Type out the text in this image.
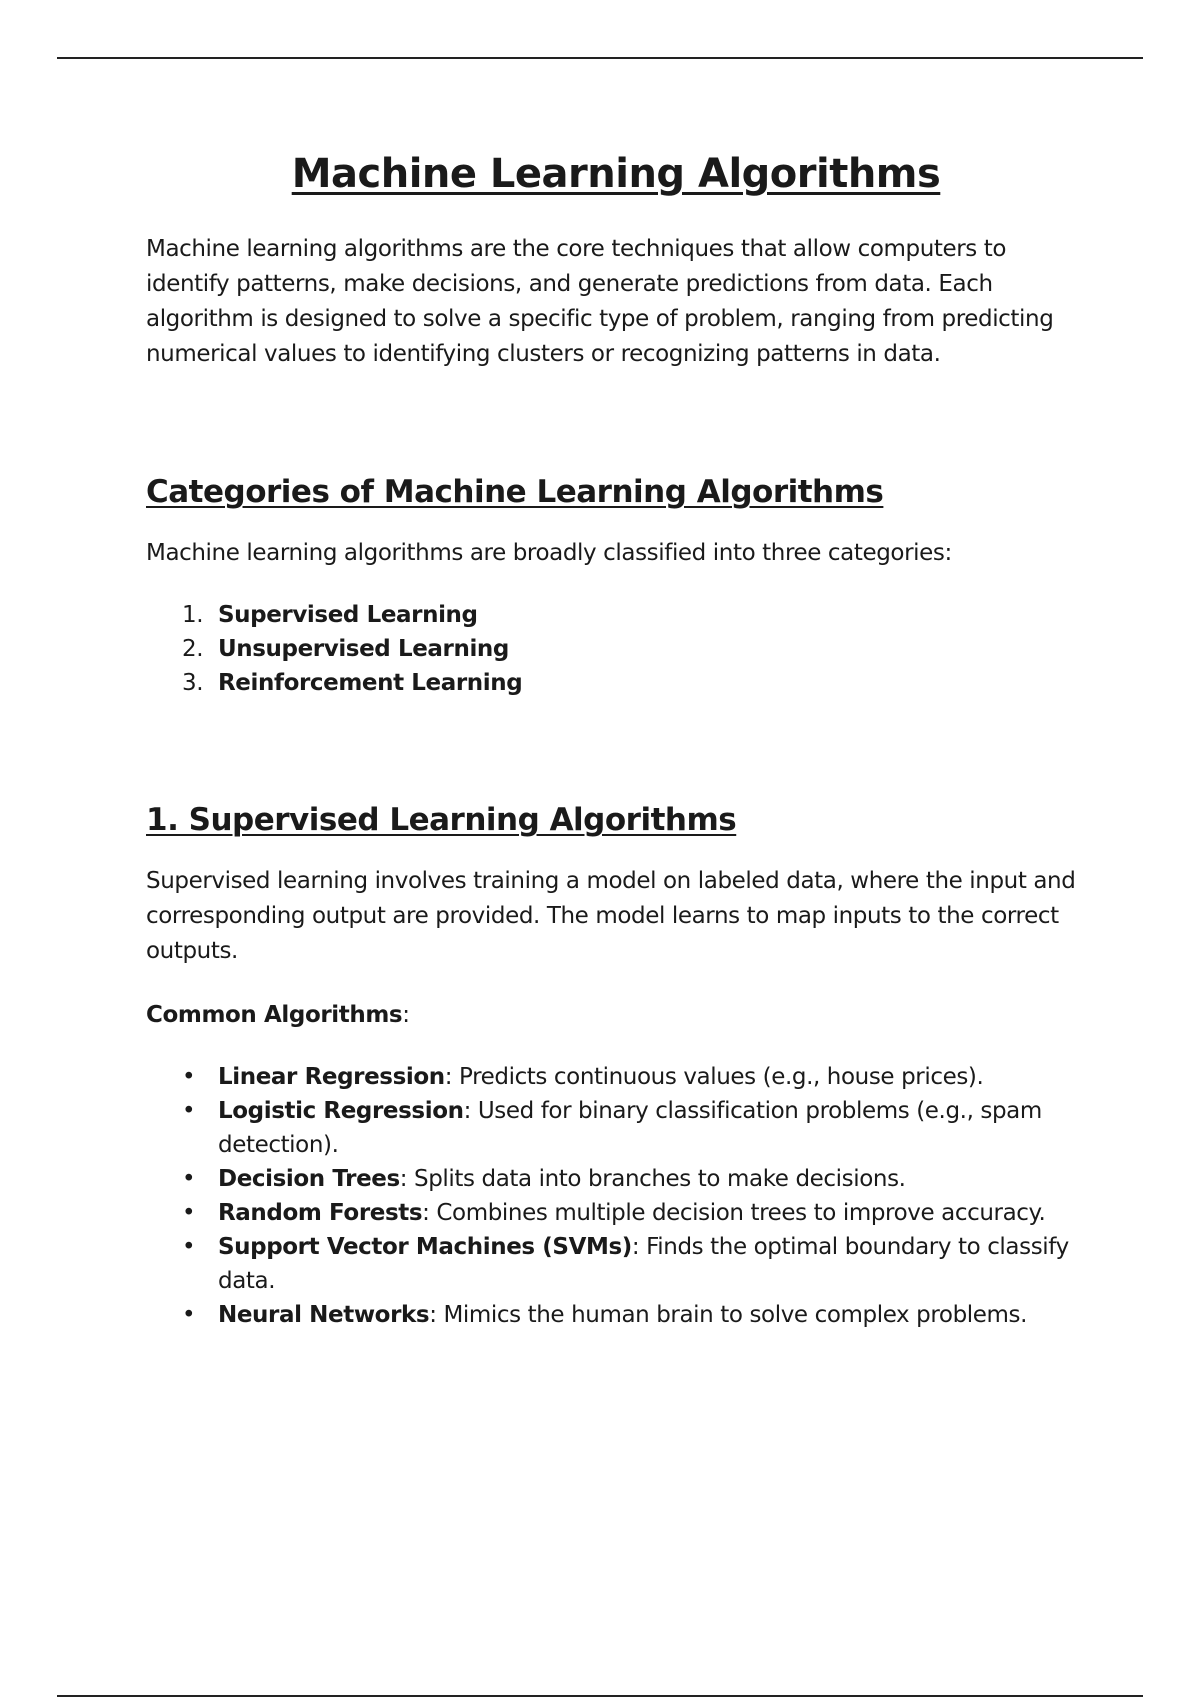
Machine Learning Algorithms

Machine learning algorithms are the core techniques that allow computers to identify patterns, make decisions, and generate predictions from data. Each algorithm is designed to solve a specific type of problem, ranging from predicting numerical values to identifying clusters or recognizing patterns in data.

Categories of Machine Learning Algorithms

Machine learning algorithms are broadly classified into three categories:

1. Supervised Learning
2. Unsupervised Learning
3. Reinforcement Learning
1. Supervised Learning Algorithms

Supervised learning involves training a model on labeled data, where the input and corresponding output are provided. The model learns to map inputs to the correct outputs.

Common Algorithms:

• Linear Regression: Predicts continuous values (e.g., house prices).
• Logistic Regression: Used for binary classification problems (e.g., spam detection).
• Decision Trees: Splits data into branches to make decisions.
• Random Forests: Combines multiple decision trees to improve accuracy.
• Support Vector Machines (SVMs): Finds the optimal boundary to classify data.
• Neural Networks: Mimics the human brain to solve complex problems.
